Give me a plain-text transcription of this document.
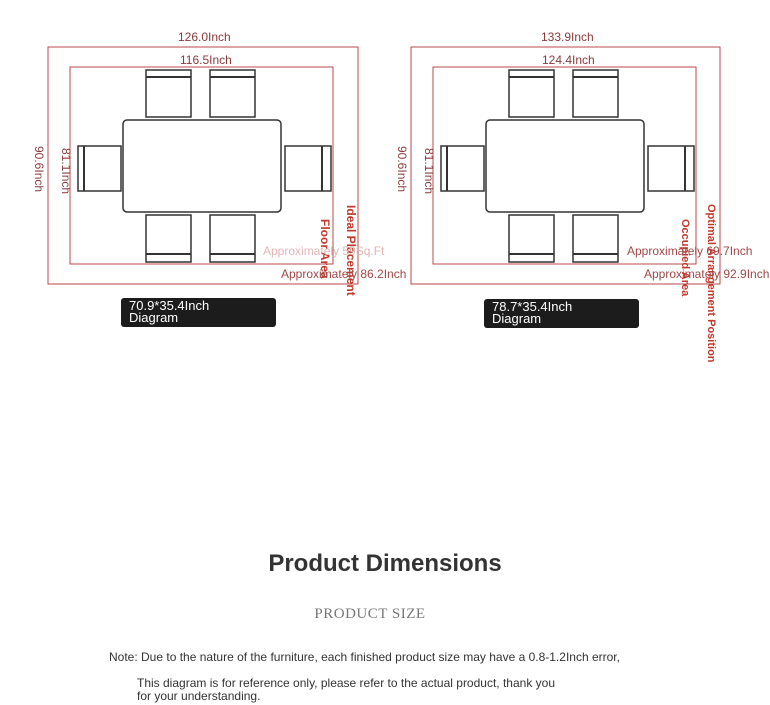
126.0Inch
116.5Inch
90.6Inch 81.1Inch
Ideal Placement
Floor Area
Approximately 59Sq.Ft
Approximately 86.2Inch
70.9*35.4Inch
Diagram
133.9Inch
124.4Inch
90.6Inch 81.1Inch
Optimal Arrangement Position
Occupied Area
Approximately 69.7Inch
Approximately 92.9Inch
78.7*35.4Inch
Diagram
Product Dimensions
PRODUCT SIZE
Note: Due to the nature of the furniture, each finished product size may have a 0.8-1.2Inch error,
This diagram is for reference only, please refer to the actual product, thank you
for your understanding.
